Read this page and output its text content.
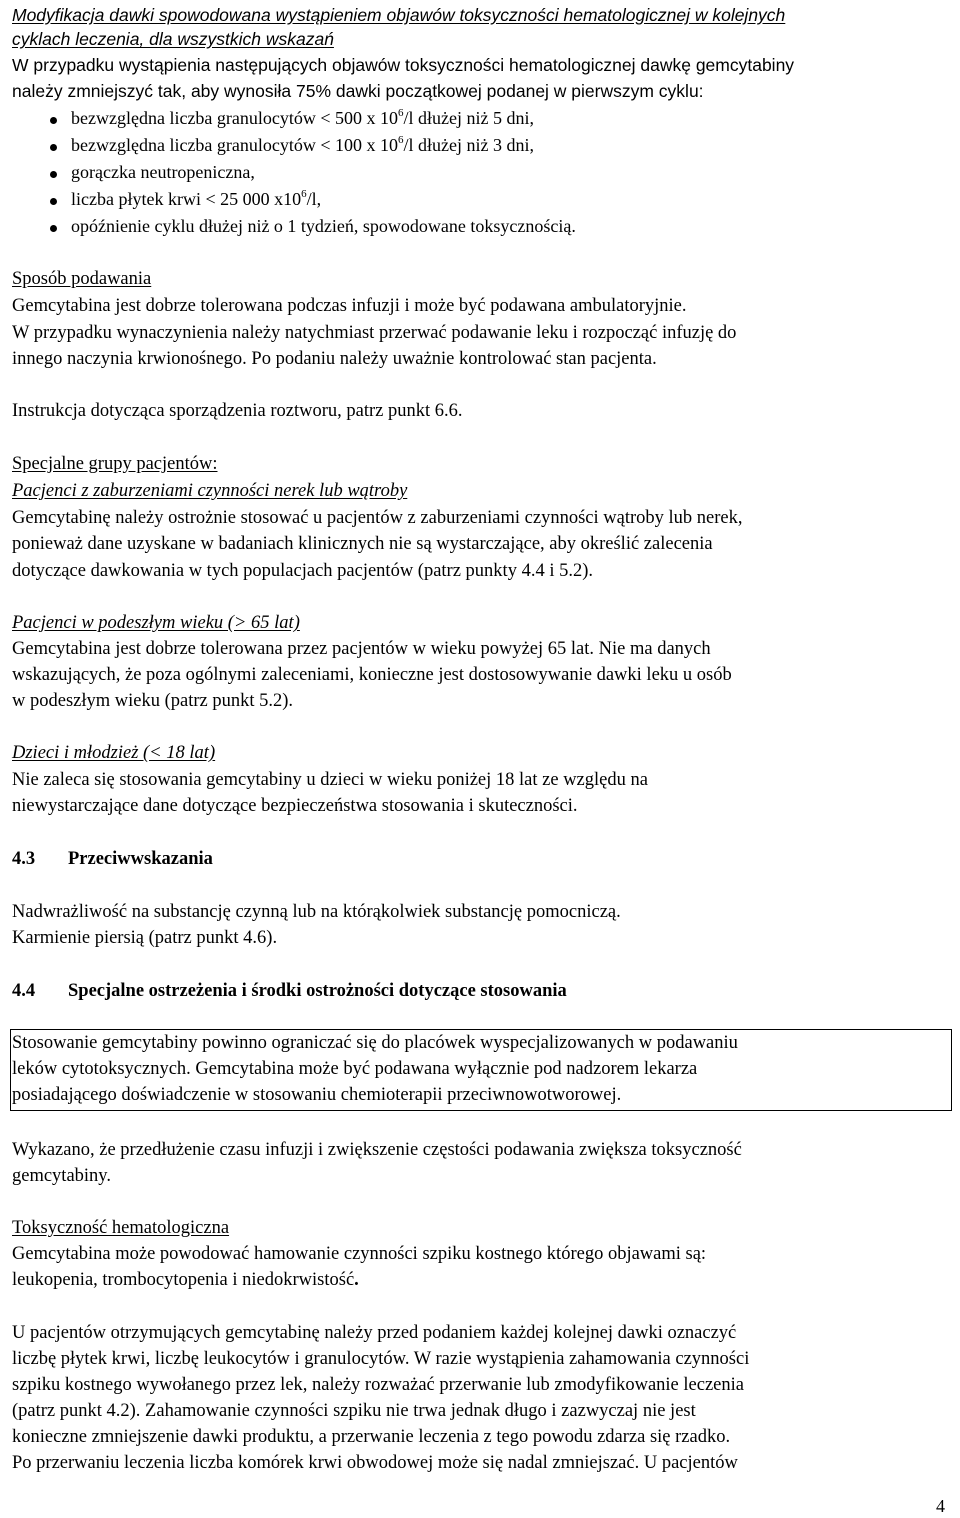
Modyfikacja dawki spowodowana wystąpieniem objawów toksyczności hematologicznej w kolejnych
cyklach leczenia, dla wszystkich wskazań
W przypadku wystąpienia następujących objawów toksyczności hematologicznej dawkę gemcytabiny
należy zmniejszyć tak, aby wynosiła 75% dawki początkowej podanej w pierwszym cyklu:
bezwzględna liczba granulocytów < 500 x $10^6/l$ dłużej niż 5 dni,
bezwzględna liczba granulocytów < 100 x $10^6/l$ dłużej niż 3 dni,
gorączka neutropeniczna,
liczba płytek krwi < 25 000 $x10^6/l$,
opóźnienie cyklu dłużej niż o 1 tydzień, spowodowane toksycznością.
Sposób podawania
Gemcytabina jest dobrze tolerowana podczas infuzji i może być podawana ambulatoryjnie.
W przypadku wynaczynienia należy natychmiast przerwać podawanie leku i rozpocząć infuzję do
innego naczynia krwionośnego. Po podaniu należy uważnie kontrolować stan pacjenta.
Instrukcja dotycząca sporządzenia roztworu, patrz punkt 6.6.
Specjalne grupy pacjentów:
Pacjenci z zaburzeniami czynności nerek lub wątroby
Gemcytabinę należy ostrożnie stosować u pacjentów z zaburzeniami czynności wątroby lub nerek,
ponieważ dane uzyskane w badaniach klinicznych nie są wystarczające, aby określić zalecenia
dotyczące dawkowania w tych populacjach pacjentów (patrz punkty 4.4 i 5.2).
Pacjenci w podeszłym wieku (> 65 lat)
Gemcytabina jest dobrze tolerowana przez pacjentów w wieku powyżej 65 lat. Nie ma danych
wskazujących, że poza ogólnymi zaleceniami, konieczne jest dostosowywanie dawki leku u osób
w podeszłym wieku (patrz punkt 5.2).
Dzieci i młodzież (< 18 lat)
Nie zaleca się stosowania gemcytabiny u dzieci w wieku poniżej 18 lat ze względu na
niewystarczające dane dotyczące bezpieczeństwa stosowania i skuteczności.
4.3 Przeciwwskazania
Nadwrażliwość na substancję czynną lub na którąkolwiek substancję pomocniczą.
Karmienie piersią (patrz punkt 4.6).
4.4 Specjalne ostrzeżenia i środki ostrożności dotyczące stosowania
Stosowanie gemcytabiny powinno ograniczać się do placówek wyspecjalizowanych w podawaniu
leków cytotoksycznych. Gemcytabina może być podawana wyłącznie pod nadzorem lekarza
posiadającego doświadczenie w stosowaniu chemioterapii przeciwnowotworowej.
Wykazano, że przedłużenie czasu infuzji i zwiększenie częstości podawania zwiększa toksyczność
gemcytabiny.
Toksyczność hematologiczna
Gemcytabina może powodować hamowanie czynności szpiku kostnego którego objawami są:
leukopenia, trombocytopenia i niedokrwistość.
U pacjentów otrzymujących gemcytabinę należy przed podaniem każdej kolejnej dawki oznaczyć
liczbę płytek krwi, liczbę leukocytów i granulocytów. W razie wystąpienia zahamowania czynności
szpiku kostnego wywołanego przez lek, należy rozważać przerwanie lub zmodyfikowanie leczenia
(patrz punkt 4.2). Zahamowanie czynności szpiku nie trwa jednak długo i zazwyczaj nie jest
konieczne zmniejszenie dawki produktu, a przerwanie leczenia z tego powodu zdarza się rzadko.
Po przerwaniu leczenia liczba komórek krwi obwodowej może się nadal zmniejszać. U pacjentów
4
